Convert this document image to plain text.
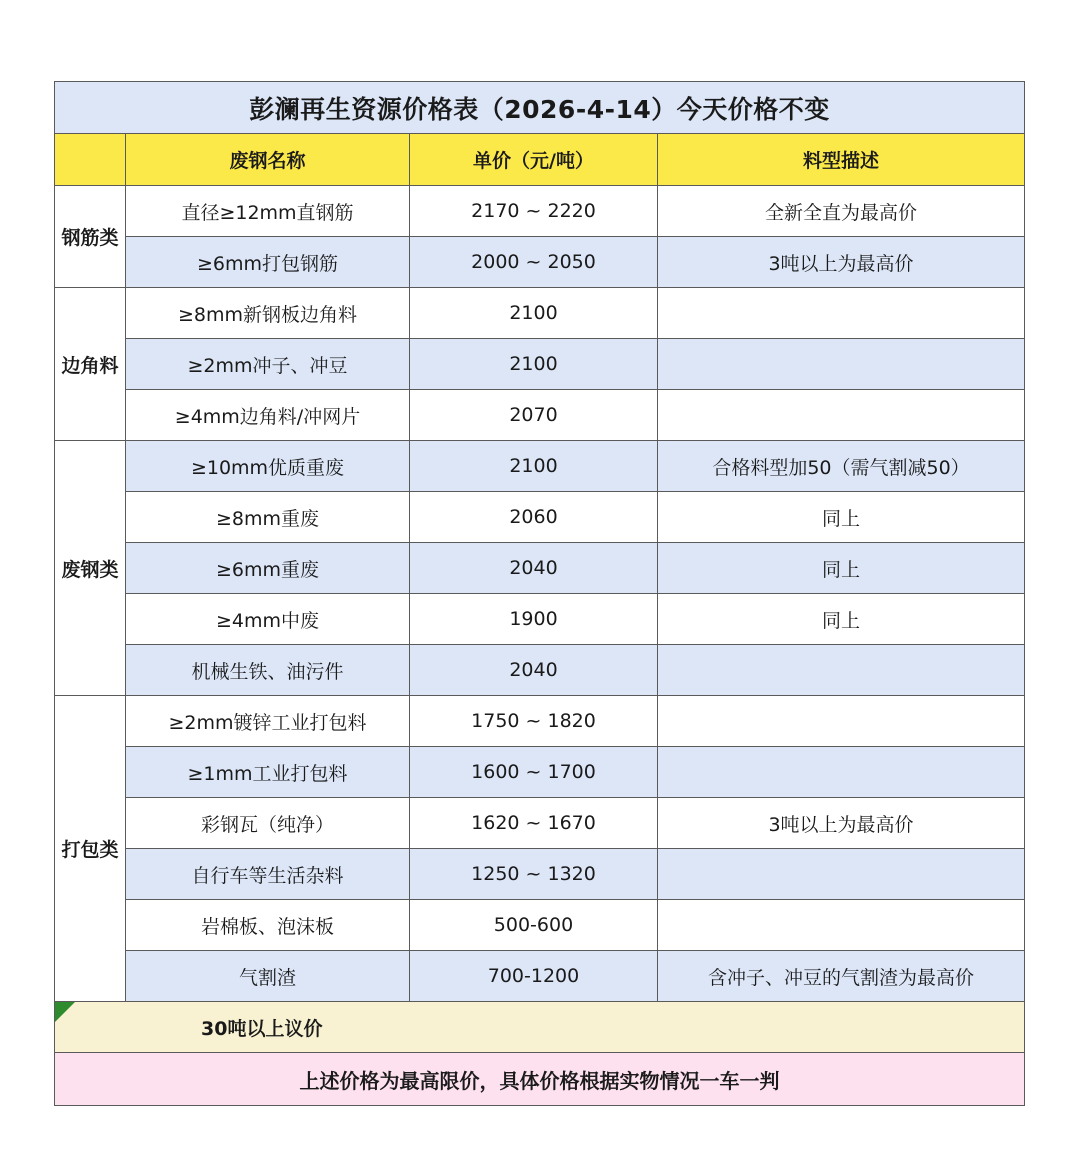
彭澜再生资源价格表（2026-4-14）今天价格不变			
	废钢名称	单价（元/吨）	料型描述
钢筋类	直径≥12mm直钢筋	2170 ~ 2220	全新全直为最高价
	≥6mm打包钢筋	2000 ~ 2050	3吨以上为最高价
边角料	≥8mm新钢板边角料	2100	
	≥2mm冲子、冲豆	2100	
	≥4mm边角料/冲网片	2070	
废钢类	≥10mm优质重废	2100	合格料型加50（需气割减50）
	≥8mm重废	2060	同上
	≥6mm重废	2040	同上
	≥4mm中废	1900	同上
	机械生铁、油污件	2040	
打包类	≥2mm镀锌工业打包料	1750 ~ 1820	
	≥1mm工业打包料	1600 ~ 1700	
	彩钢瓦（纯净）	1620 ~ 1670	3吨以上为最高价
	自行车等生活杂料	1250 ~ 1320	
	岩棉板、泡沫板	500-600	
	气割渣	700-1200	含冲子、冲豆的气割渣为最高价

30吨以上议价			
上述价格为最高限价，具体价格根据实物情况一车一判			
